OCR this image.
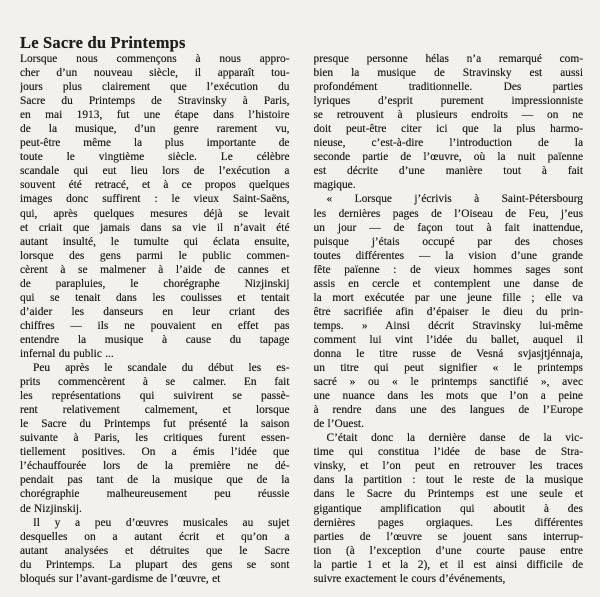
Le Sacre du Printemps
Lorsque nous commençons à nous appro-
cher d’un nouveau siècle, il apparaît tou-
jours plus clairement que l’exécution du
Sacre du Printemps de Stravinsky à Paris,
en mai 1913, fut une étape dans l’histoire
de la musique, d’un genre rarement vu,
peut-être même la plus importante de
toute le vingtième siècle. Le célèbre
scandale qui eut lieu lors de l’exécution a
souvent été retracé, et à ce propos quelques
images donc suffirent : le vieux Saint-Saëns,
qui, après quelques mesures déjà se levait
et criait que jamais dans sa vie il n’avait été
autant insulté, le tumulte qui éclata ensuite,
lorsque des gens parmi le public commen-
cèrent à se malmener à l’aide de cannes et
de parapluies, le chorégraphe Nizjinskij
qui se tenait dans les coulisses et tentait
d’aider les danseurs en leur criant des
chiffres — ils ne pouvaient en effet pas
entendre la musique à cause du tapage
infernal du public ...
Peu après le scandale du début les es-
prits commencèrent à se calmer. En fait
les représentations qui suivirent se passè-
rent relativement calmement, et lorsque
le Sacre du Printemps fut présenté la saison
suivante à Paris, les critiques furent essen-
tiellement positives. On a émis l’idée que
l’échauffourée lors de la première ne dé-
pendait pas tant de la musique que de la
chorégraphie malheureusement peu réussie
de Nizjinskij.
Il y a peu d’œuvres musicales au sujet
desquelles on a autant écrit et qu’on a
autant analysées et détruites que le Sacre
du Printemps. La plupart des gens se sont
bloqués sur l’avant-gardisme de l’œuvre, et
presque personne hélas n’a remarqué com-
bien la musique de Stravinsky est aussi
profondément traditionnelle. Des parties
lyriques d’esprit purement impressionniste
se retrouvent à plusieurs endroits — on ne
doit peut-être citer ici que la plus harmo-
nieuse, c’est-à-dire l’introduction de la
seconde partie de l’œuvre, où la nuit païenne
est décrite d’une manière tout à fait
magique.
« Lorsque j’écrivis à Saint-Pétersbourg
les dernières pages de l’Oiseau de Feu, j’eus
un jour — de façon tout à fait inattendue,
puisque j’étais occupé par des choses
toutes différentes — la vision d’une grande
fête païenne : de vieux hommes sages sont
assis en cercle et contemplent une danse de
la mort exécutée par une jeune fille ; elle va
être sacrifiée afin d’épaiser le dieu du prin-
temps. » Ainsi décrit Stravinsky lui-même
comment lui vint l’idée du ballet, auquel il
donna le titre russe de Vesná svjasjtjénnaja,
un titre qui peut signifier « le printemps
sacré » ou « le printemps sanctifié », avec
une nuance dans les mots que l’on a peine
à rendre dans une des langues de l’Europe
de l’Ouest.
C’était donc la dernière danse de la vic-
time qui constitua l’idée de base de Stra-
vinsky, et l’on peut en retrouver les traces
dans la partition : tout le reste de la musique
dans le Sacre du Printemps est une seule et
gigantique amplification qui aboutit à des
dernières pages orgiaques. Les différentes
parties de l’œuvre se jouent sans interrup-
tion (à l’exception d’une courte pause entre
la partie 1 et la 2), et il est ainsi difficile de
suivre exactement le cours d’événements,
